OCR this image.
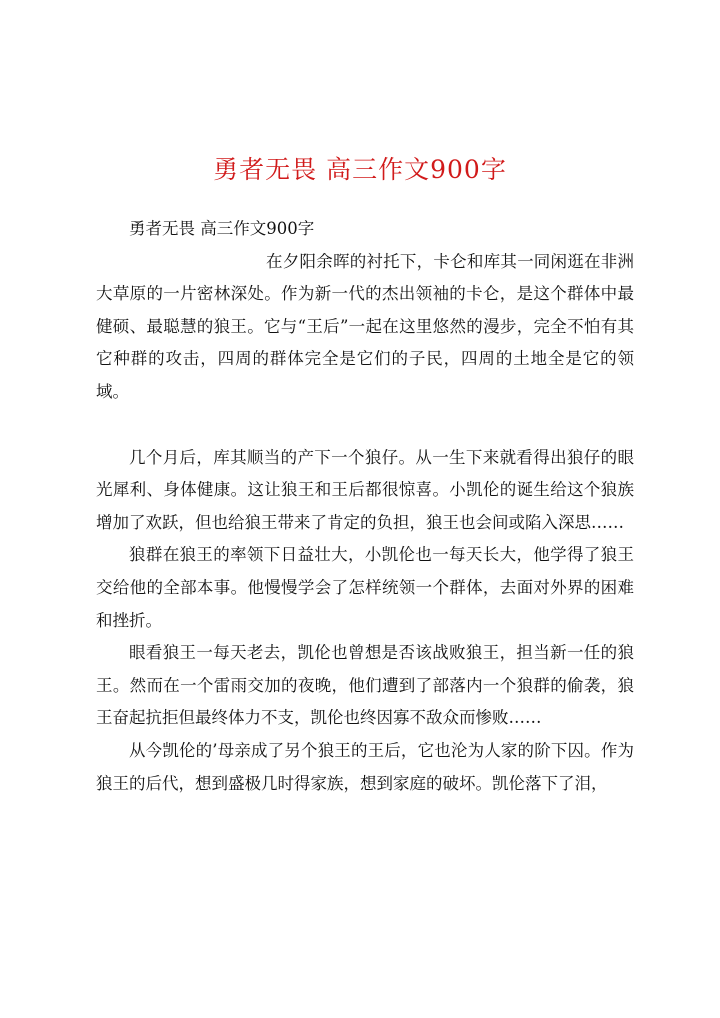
勇者无畏 高三作文900字

勇者无畏 高三作文900字

在夕阳余晖的衬托下，卡仑和库其一同闲逛在非洲大草原的一片密林深处。作为新一代的杰出领袖的卡仑，是这个群体中最健硕、最聪慧的狼王。它与“王后”一起在这里悠然的漫步，完全不怕有其它种群的攻击，四周的群体完全是它们的子民，四周的土地全是它的领域。

几个月后，库其顺当的产下一个狼仔。从一生下来就看得出狼仔的眼光犀利、身体健康。这让狼王和王后都很惊喜。小凯伦的诞生给这个狼族增加了欢跃，但也给狼王带来了肯定的负担，狼王也会间或陷入深思……

狼群在狼王的率领下日益壮大，小凯伦也一每天长大，他学得了狼王交给他的全部本事。他慢慢学会了怎样统领一个群体，去面对外界的困难和挫折。

眼看狼王一每天老去，凯伦也曾想是否该战败狼王，担当新一任的狼王。然而在一个雷雨交加的夜晚，他们遭到了部落内一个狼群的偷袭，狼王奋起抗拒但最终体力不支，凯伦也终因寡不敌众而惨败……

从今凯伦的’母亲成了另个狼王的王后，它也沦为人家的阶下囚。作为狼王的后代，想到盛极几时得家族，想到家庭的破坏。凯伦落下了泪，
